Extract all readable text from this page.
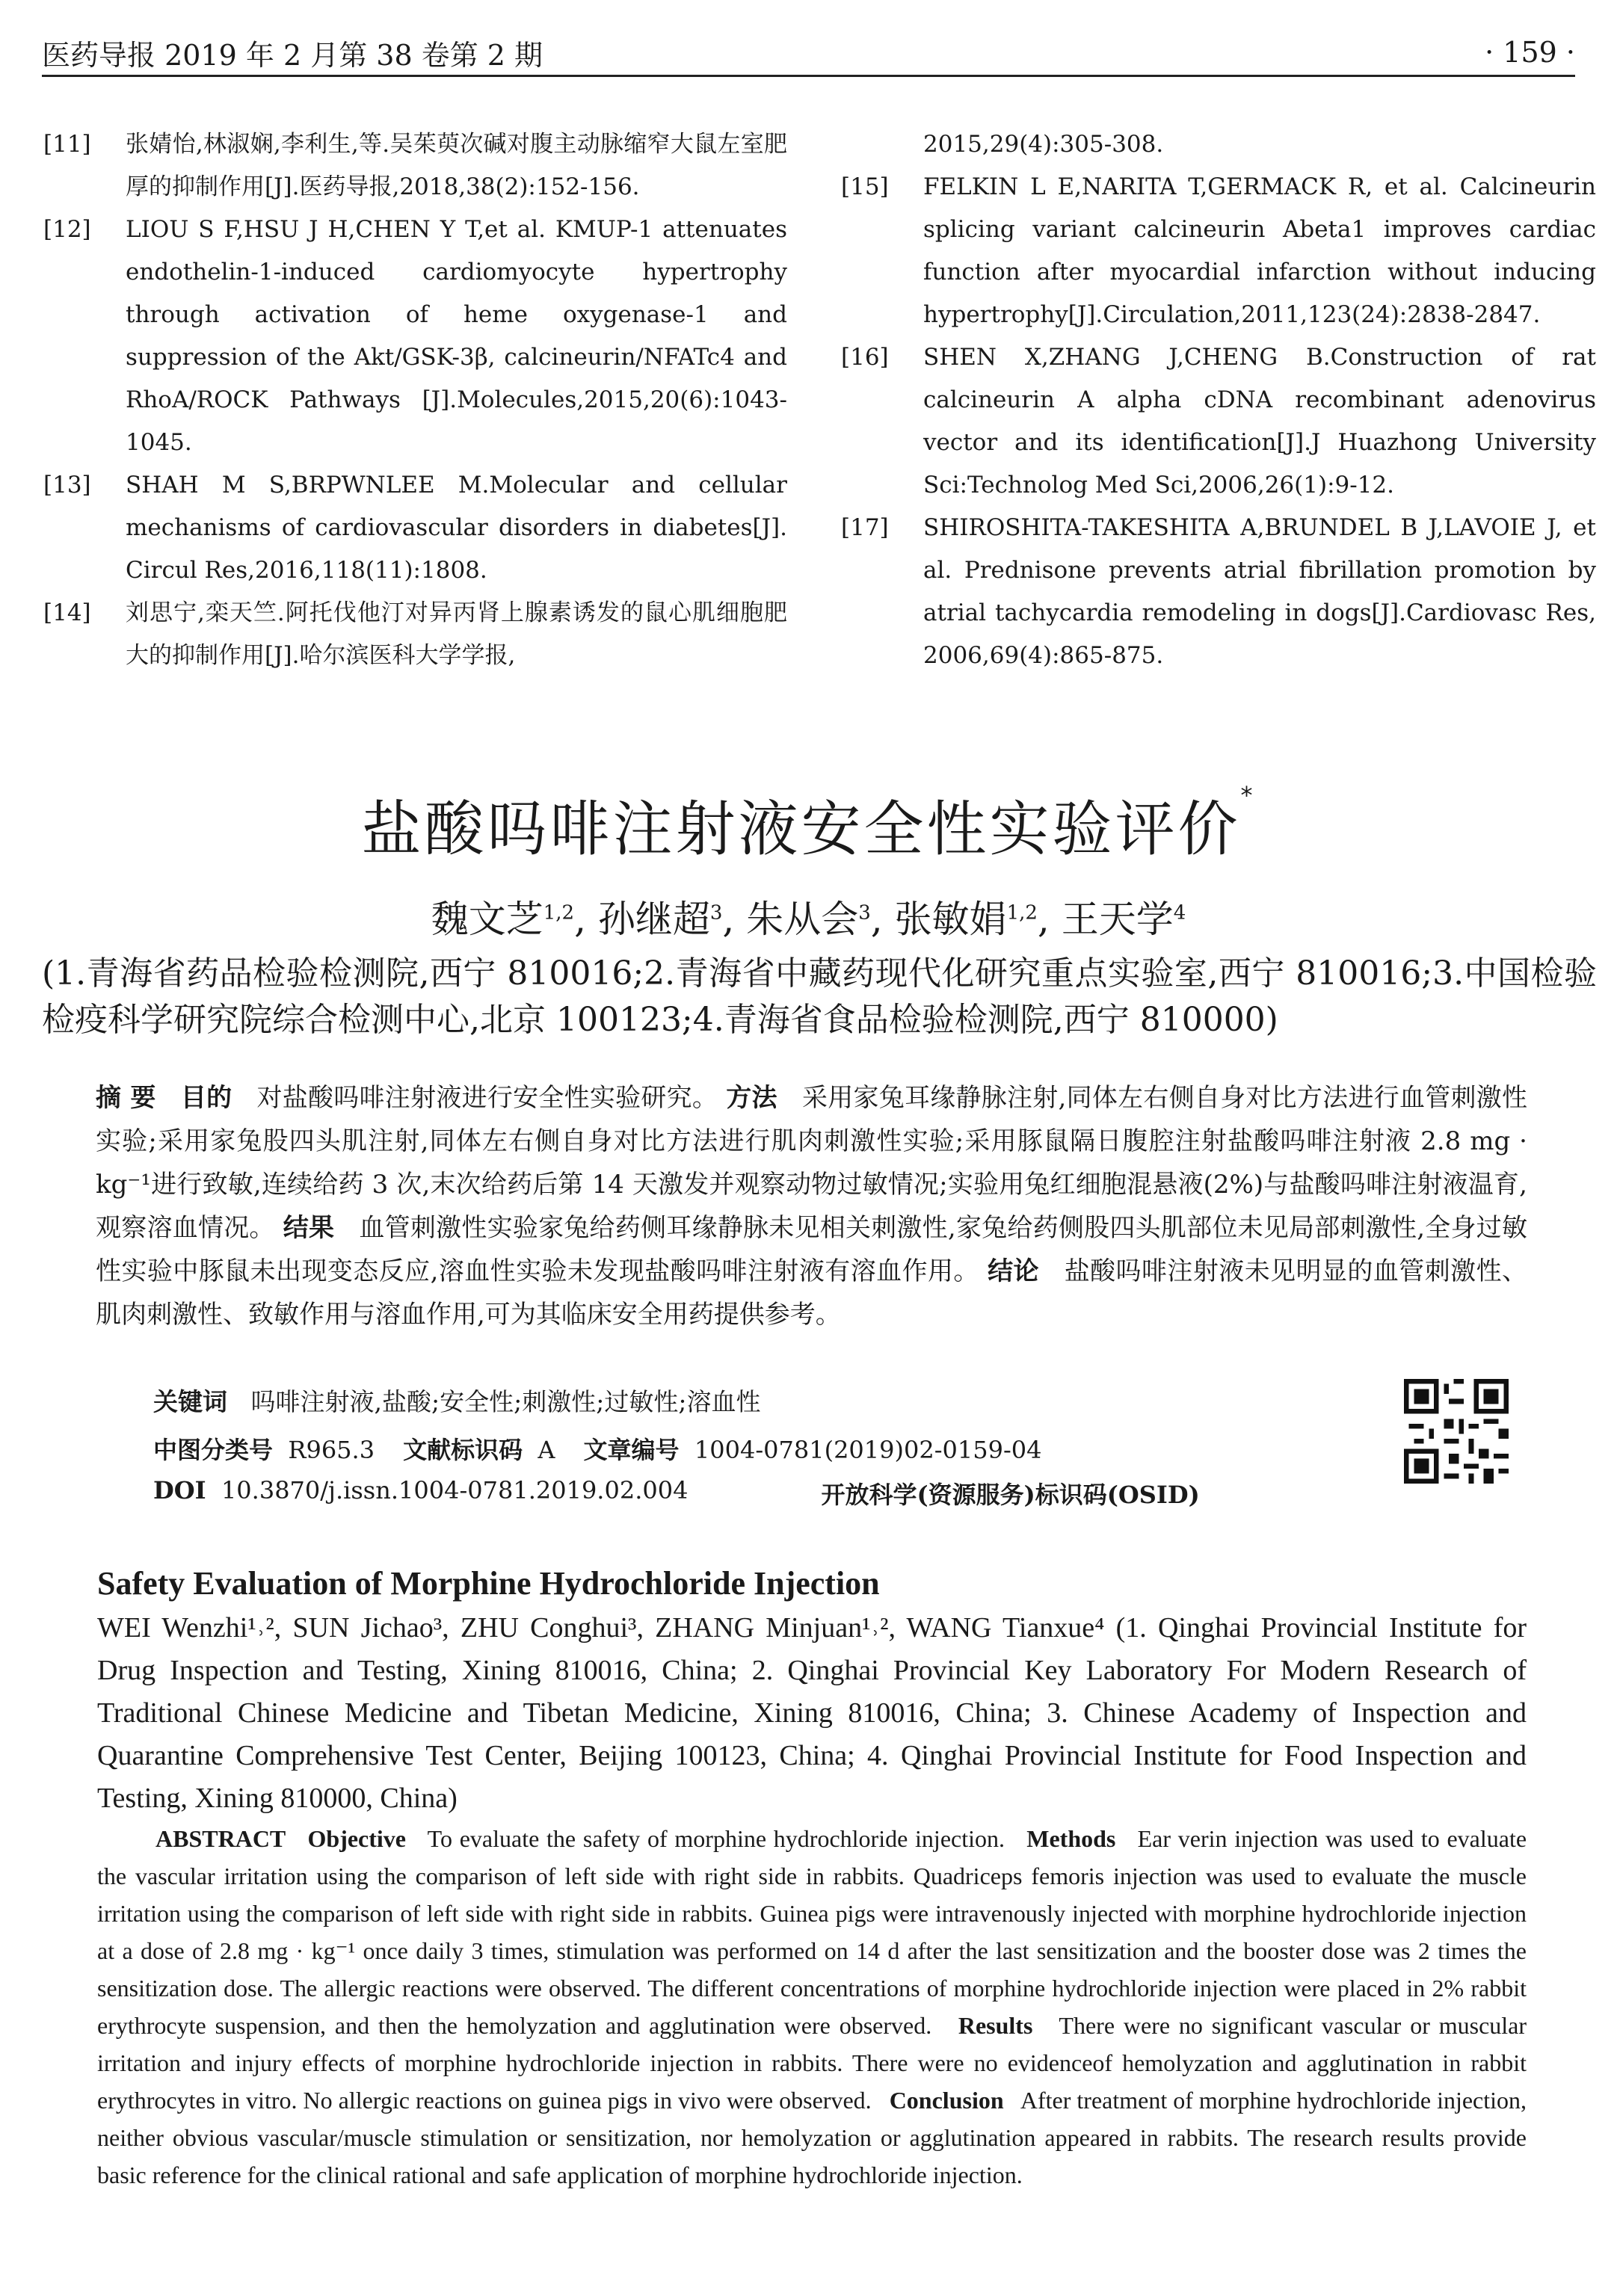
医药导报 2019 年 2 月第 38 卷第 2 期	· 159 ·
[11]	张婧怡,林淑娴,李利生,等.吴茱萸次碱对腹主动脉缩窄大鼠左室肥厚的抑制作用[J].医药导报,2018,38(2):152-156.
[12]	LIOU S F,HSU J H,CHEN Y T,et al. KMUP-1 attenuates endothelin-1-induced cardiomyocyte hypertrophy through activation of heme oxygenase-1 and suppression of the Akt/GSK-3β, calcineurin/NFATc4 and RhoA/ROCK Pathways [J].Molecules,2015,20(6):1043-1045.
[13]	SHAH M S,BRPWNLEE M.Molecular and cellular mechanisms of cardiovascular disorders in diabetes[J]. Circul Res,2016,118(11):1808.
[14]	刘思宁,栾天竺.阿托伐他汀对异丙肾上腺素诱发的鼠心肌细胞肥大的抑制作用[J].哈尔滨医科大学学报,
2015,29(4):305-308.
[15]	FELKIN L E,NARITA T,GERMACK R, et al. Calcineurin splicing variant calcineurin Abeta1 improves cardiac function after myocardial infarction without inducing hypertrophy[J].Circulation,2011,123(24):2838-2847.
[16]	SHEN X,ZHANG J,CHENG B.Construction of rat calcineurin A alpha cDNA recombinant adenovirus vector and its identification[J].J Huazhong University Sci:Technolog Med Sci,2006,26(1):9-12.
[17]	SHIROSHITA-TAKESHITA A,BRUNDEL B J,LAVOIE J, et al. Prednisone prevents atrial fibrillation promotion by atrial tachycardia remodeling in dogs[J].Cardiovasc Res, 2006,69(4):865-875.
盐酸吗啡注射液安全性实验评价*
魏文芝$^{1,2}$, 孙继超$^3$, 朱从会$^3$, 张敏娟$^{1,2}$, 王天学$^4$
(1.青海省药品检验检测院,西宁 810016;2.青海省中藏药现代化研究重点实验室,西宁 810016;3.中国检验检疫科学研究院综合检测中心,北京 100123;4.青海省食品检验检测院,西宁 810000)
摘 要 目的 对盐酸吗啡注射液进行安全性实验研究。 方法 采用家兔耳缘静脉注射,同体左右侧自身对比方法进行血管刺激性实验;采用家兔股四头肌注射,同体左右侧自身对比方法进行肌肉刺激性实验;采用豚鼠隔日腹腔注射盐酸吗啡注射液 2.8 mg · kg⁻¹进行致敏,连续给药 3 次,末次给药后第 14 天激发并观察动物过敏情况;实验用兔红细胞混悬液(2%)与盐酸吗啡注射液温育,观察溶血情况。 结果 血管刺激性实验家兔给药侧耳缘静脉未见相关刺激性,家兔给药侧股四头肌部位未见局部刺激性,全身过敏性实验中豚鼠未出现变态反应,溶血性实验未发现盐酸吗啡注射液有溶血作用。 结论 盐酸吗啡注射液未见明显的血管刺激性、肌肉刺激性、致敏作用与溶血作用,可为其临床安全用药提供参考。
关键词 吗啡注射液,盐酸;安全性;刺激性;过敏性;溶血性
中图分类号 R965.3 文献标识码 A 文章编号 1004-0781(2019)02-0159-04
DOI 10.3870/j.issn.1004-0781.2019.02.004	开放科学(资源服务)标识码(OSID)
Safety Evaluation of Morphine Hydrochloride Injection
WEI Wenzhi¹˒², SUN Jichao³, ZHU Conghui³, ZHANG Minjuan¹˒², WANG Tianxue⁴ (1. Qinghai Provincial Institute for Drug Inspection and Testing, Xining 810016, China; 2. Qinghai Provincial Key Laboratory For Modern Research of Traditional Chinese Medicine and Tibetan Medicine, Xining 810016, China; 3. Chinese Academy of Inspection and Quarantine Comprehensive Test Center, Beijing 100123, China; 4. Qinghai Provincial Institute for Food Inspection and Testing, Xining 810000, China)
ABSTRACT Objective To evaluate the safety of morphine hydrochloride injection. Methods Ear verin injection was used to evaluate the vascular irritation using the comparison of left side with right side in rabbits. Quadriceps femoris injection was used to evaluate the muscle irritation using the comparison of left side with right side in rabbits. Guinea pigs were intravenously injected with morphine hydrochloride injection at a dose of 2.8 mg · kg⁻¹ once daily 3 times, stimulation was performed on 14 d after the last sensitization and the booster dose was 2 times the sensitization dose. The allergic reactions were observed. The different concentrations of morphine hydrochloride injection were placed in 2% rabbit erythrocyte suspension, and then the hemolyzation and agglutination were observed. Results There were no significant vascular or muscular irritation and injury effects of morphine hydrochloride injection in rabbits. There were no evidenceof hemolyzation and agglutination in rabbit erythrocytes in vitro. No allergic reactions on guinea pigs in vivo were observed. Conclusion After treatment of morphine hydrochloride injection, neither obvious vascular/muscle stimulation or sensitization, nor hemolyzation or agglutination appeared in rabbits. The research results provide basic reference for the clinical rational and safe application of morphine hydrochloride injection.
